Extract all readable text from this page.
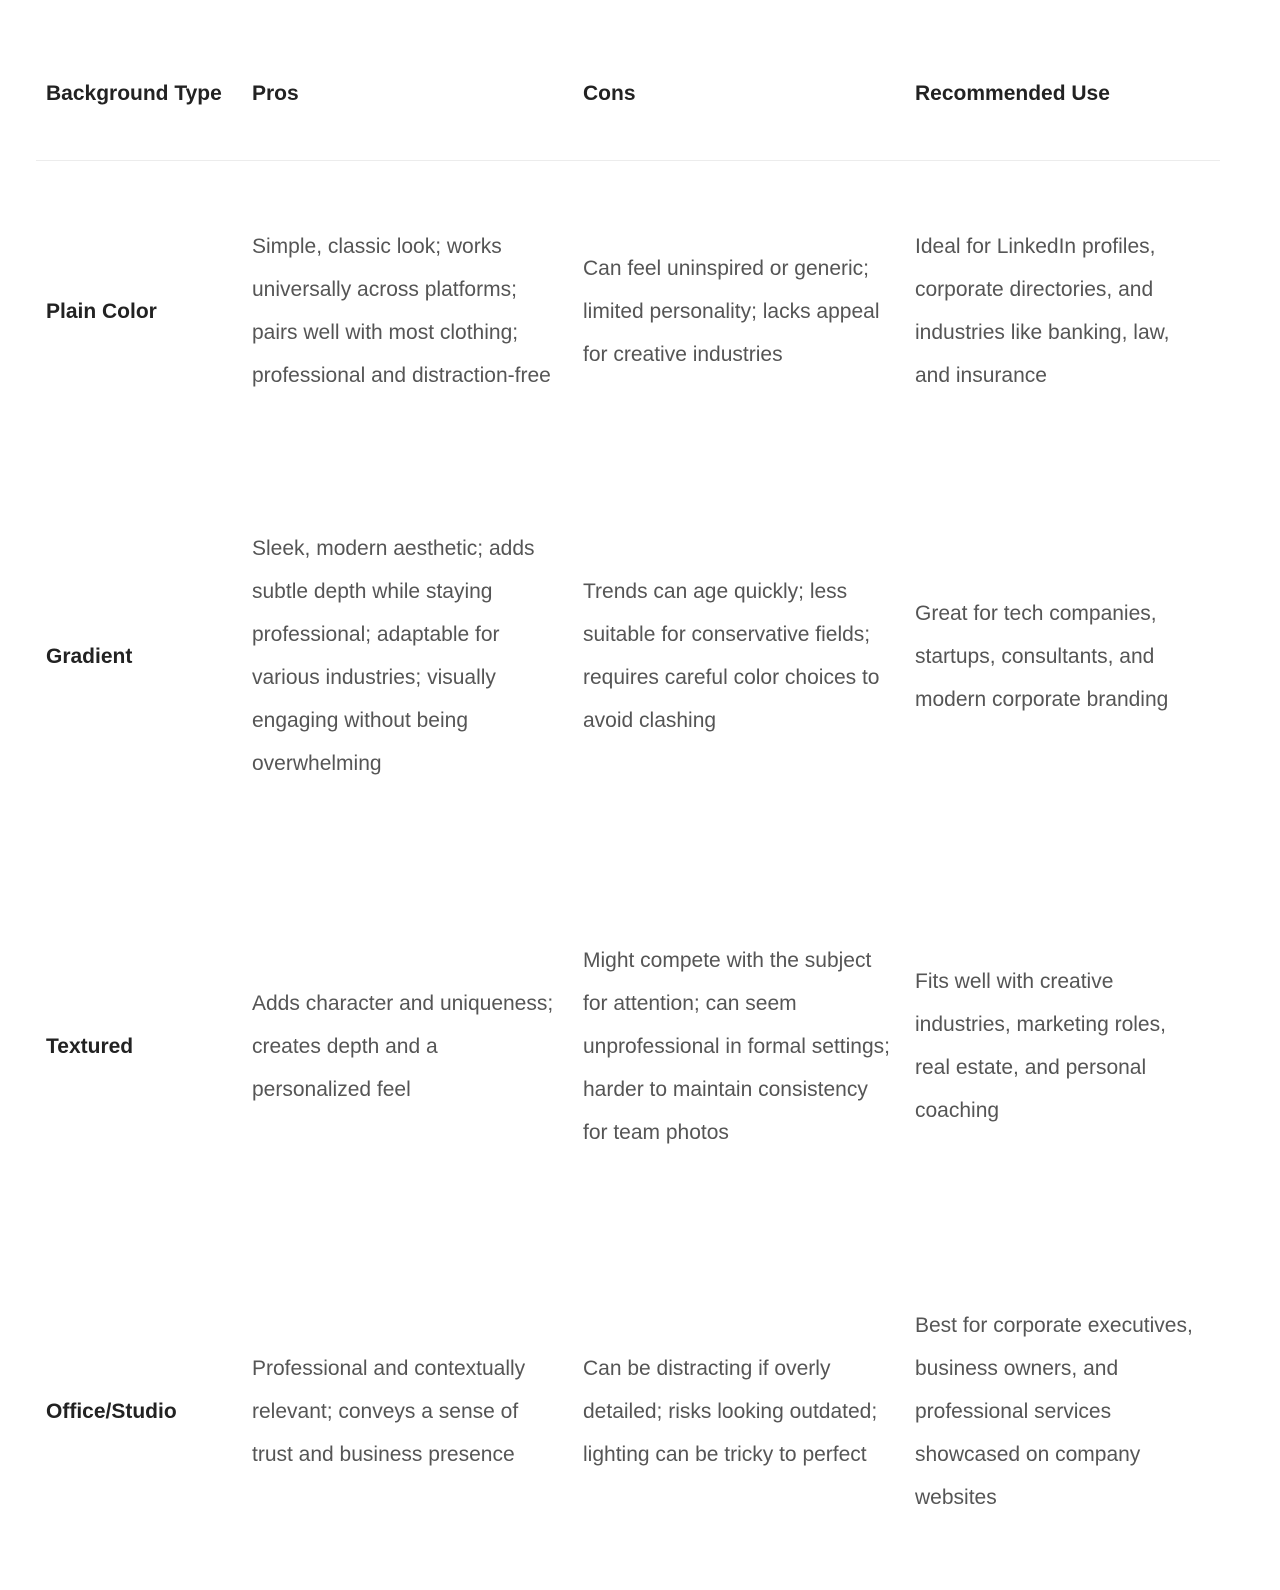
Background Type	Pros	Cons	Recommended Use
Plain Color	Simple, classic look; works universally across platforms; pairs well with most clothing; professional and distraction-free	Can feel uninspired or generic; limited personality; lacks appeal for creative industries	Ideal for LinkedIn profiles, corporate directories, and industries like banking, law, and insurance
Gradient	Sleek, modern aesthetic; adds subtle depth while staying professional; adaptable for various industries; visually engaging without being overwhelming	Trends can age quickly; less suitable for conservative fields; requires careful color choices to avoid clashing	Great for tech companies, startups, consultants, and modern corporate branding
Textured	Adds character and uniqueness; creates depth and a personalized feel	Might compete with the subject for attention; can seem unprofessional in formal settings; harder to maintain consistency for team photos	Fits well with creative industries, marketing roles, real estate, and personal coaching
Office/Studio	Professional and contextually relevant; conveys a sense of trust and business presence	Can be distracting if overly detailed; risks looking outdated; lighting can be tricky to perfect	Best for corporate executives, business owners, and professional services showcased on company websites
